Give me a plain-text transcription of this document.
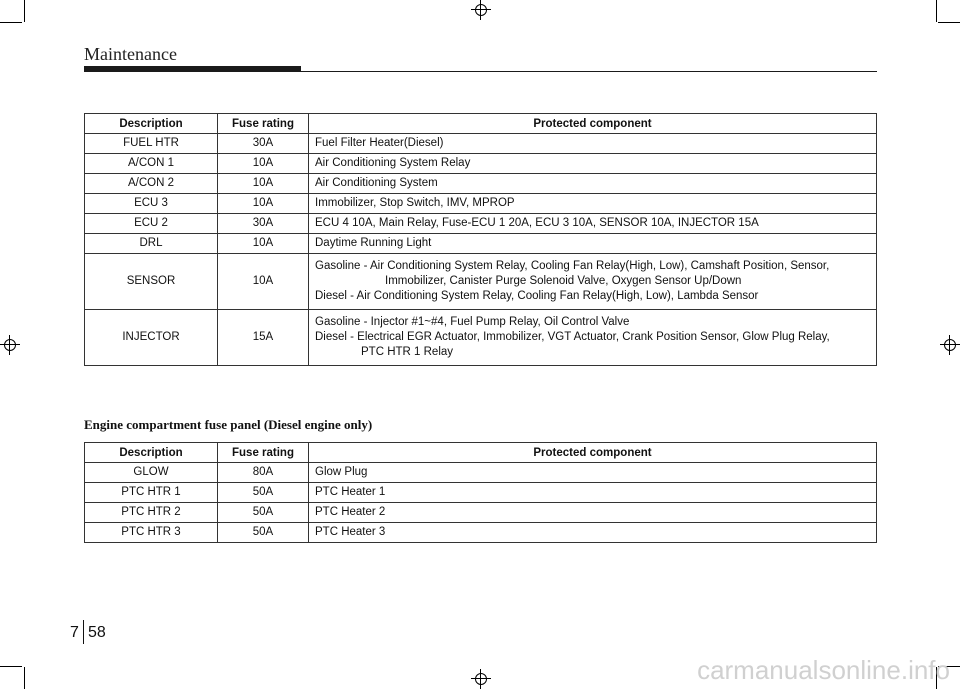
Maintenance
Description	Fuse rating	Protected component
FUEL HTR	30A	Fuel Filter Heater(Diesel)
A/CON 1	10A	Air Conditioning System Relay
A/CON 2	10A	Air Conditioning System
ECU 3	10A	Immobilizer, Stop Switch, IMV, MPROP
ECU 2	30A	ECU 4 10A, Main Relay, Fuse-ECU 1 20A, ECU 3 10A, SENSOR 10A, INJECTOR 15A
DRL	10A	Daytime Running Light
SENSOR	10A	Gasoline - Air Conditioning System Relay, Cooling Fan Relay(High, Low), Camshaft Position, Sensor,
Immobilizer, Canister Purge Solenoid Valve, Oxygen Sensor Up/Down
Diesel - Air Conditioning System Relay, Cooling Fan Relay(High, Low), Lambda Sensor

INJECTOR	15A	Gasoline - Injector #1~#4, Fuel Pump Relay, Oil Control Valve
Diesel - Electrical EGR Actuator, Immobilizer, VGT Actuator, Crank Position Sensor, Glow Plug Relay,
PTC HTR 1 Relay
Engine compartment fuse panel (Diesel engine only)
Description	Fuse rating	Protected component
GLOW	80A	Glow Plug
PTC HTR 1	50A	PTC Heater 1
PTC HTR 2	50A	PTC Heater 2
PTC HTR 3	50A	PTC Heater 3
7 58
carmanualsonline.info
